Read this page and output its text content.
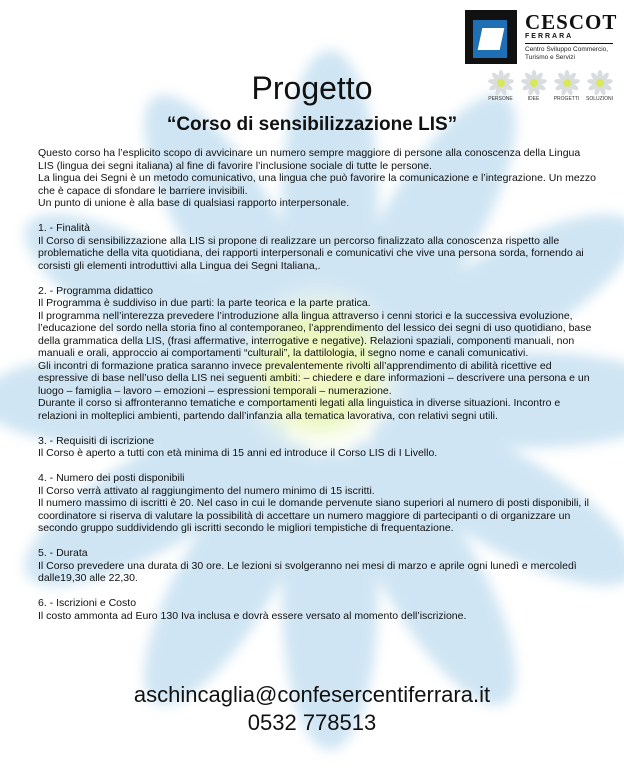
CESCOT
FERRARA
Centro Sviluppo Commercio, Turismo e Servizi
PERSONE	IDEE	PROGETTI	SOLUZIONI
Progetto
“Corso di sensibilizzazione LIS”

Questo corso ha l’esplicito scopo di avvicinare un numero sempre maggiore di persone alla conoscenza della Lingua LIS (lingua dei segni italiana) al fine di favorire l’inclusione sociale di tutte le persone.

La lingua dei Segni è un metodo comunicativo, una lingua che può favorire la comunicazione e l’integrazione. Un mezzo che è capace di sfondare le barriere invisibili.

Un punto di unione è alla base di qualsiasi rapporto interpersonale.

1. - Finalità

Il Corso di sensibilizzazione alla LIS si propone di realizzare un percorso finalizzato alla conoscenza rispetto alle problematiche della vita quotidiana, dei rapporti interpersonali e comunicativi che vive una persona sorda, fornendo ai corsisti gli elementi introduttivi alla Lingua dei Segni Italiana,.

2. - Programma didattico

Il Programma è suddiviso in due parti: la parte teorica e la parte pratica.

Il programma nell’interezza prevedere l’introduzione alla lingua attraverso i cenni storici e la successiva evoluzione, l’educazione del sordo nella storia fino al contemporaneo, l’apprendimento del lessico dei segni di uso quotidiano, base della grammatica della LIS, (frasi affermative, interrogative e negative). Relazioni spaziali, componenti manuali, non manuali e orali, approccio ai comportamenti “culturali”, la dattilologia, il segno nome e canali comunicativi.

Gli incontri di formazione pratica saranno invece prevalentemente rivolti all’apprendimento di abilità ricettive ed espressive di base nell’uso della LIS nei seguenti ambiti: – chiedere e dare informazioni – descrivere una persona e un luogo – famiglia – lavoro – emozioni – espressioni temporali – numerazione.

Durante il corso si affronteranno tematiche e comportamenti legati alla linguistica in diverse situazioni. Incontro e relazioni in molteplici ambienti, partendo dall’infanzia alla tematica lavorativa, con relativi segni utili.

3. - Requisiti di iscrizione

Il Corso è aperto a tutti con età minima di 15 anni ed introduce il Corso LIS di I Livello.

4. - Numero dei posti disponibili

Il Corso verrà attivato al raggiungimento del numero minimo di 15 iscritti.

Il numero massimo di iscritti è 20. Nel caso in cui le domande pervenute siano superiori al numero di posti disponibili, il coordinatore si riserva di valutare la possibilità di accettare un numero maggiore di partecipanti o di organizzare un secondo gruppo suddividendo gli iscritti secondo le migliori tempistiche di frequentazione.

5. - Durata

Il Corso prevedere una durata di 30 ore. Le lezioni si svolgeranno nei mesi di marzo e aprile ogni lunedì e mercoledì dalle19,30 alle 22,30.

6. - Iscrizioni e Costo

Il costo ammonta ad Euro 130 Iva inclusa e dovrà essere versato al momento dell’iscrizione.

aschincaglia@confesercentiferrara.it
0532 778513
